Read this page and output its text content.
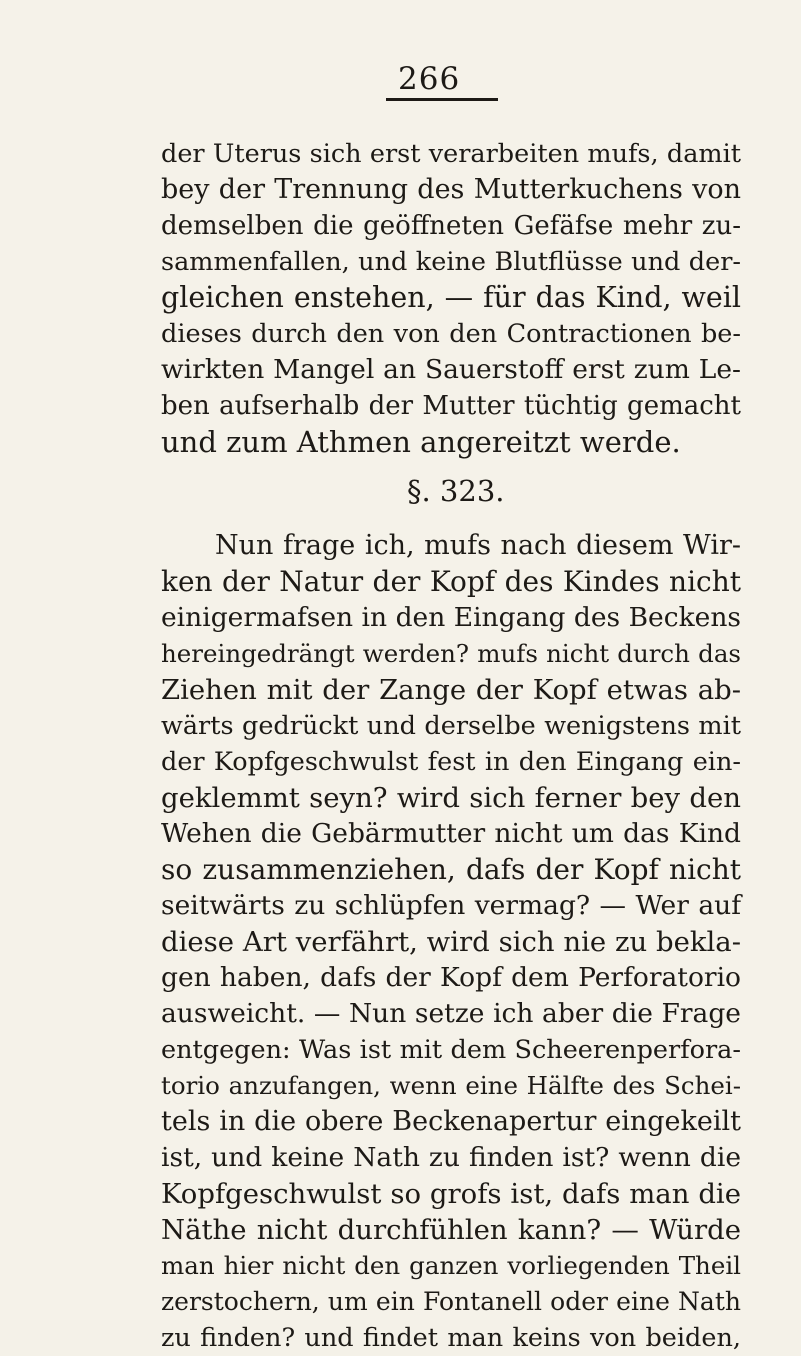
266
der Uterus sich erst verarbeiten mufs, damit
bey der Trennung des Mutterkuchens von
demselben die geöffneten Gefäfse mehr zu-
sammenfallen, und keine Blutflüsse und der-
gleichen enstehen, — für das Kind, weil
dieses durch den von den Contractionen be-
wirkten Mangel an Sauerstoff erst zum Le-
ben aufserhalb der Mutter tüchtig gemacht
und zum Athmen angereitzt werde.
§. 323.
Nun frage ich, mufs nach diesem Wir-
ken der Natur der Kopf des Kindes nicht
einigermafsen in den Eingang des Beckens
hereingedrängt werden? mufs nicht durch das
Ziehen mit der Zange der Kopf etwas ab-
wärts gedrückt und derselbe wenigstens mit
der Kopfgeschwulst fest in den Eingang ein-
geklemmt seyn? wird sich ferner bey den
Wehen die Gebärmutter nicht um das Kind
so zusammenziehen, dafs der Kopf nicht
seitwärts zu schlüpfen vermag? — Wer auf
diese Art verfährt, wird sich nie zu bekla-
gen haben, dafs der Kopf dem Perforatorio
ausweicht. — Nun setze ich aber die Frage
entgegen: Was ist mit dem Scheerenperfora-
torio anzufangen, wenn eine Hälfte des Schei-
tels in die obere Beckenapertur eingekeilt
ist, und keine Nath zu finden ist? wenn die
Kopfgeschwulst so grofs ist, dafs man die
Näthe nicht durchfühlen kann? — Würde
man hier nicht den ganzen vorliegenden Theil
zerstochern, um ein Fontanell oder eine Nath
zu finden? und findet man keins von beiden,
